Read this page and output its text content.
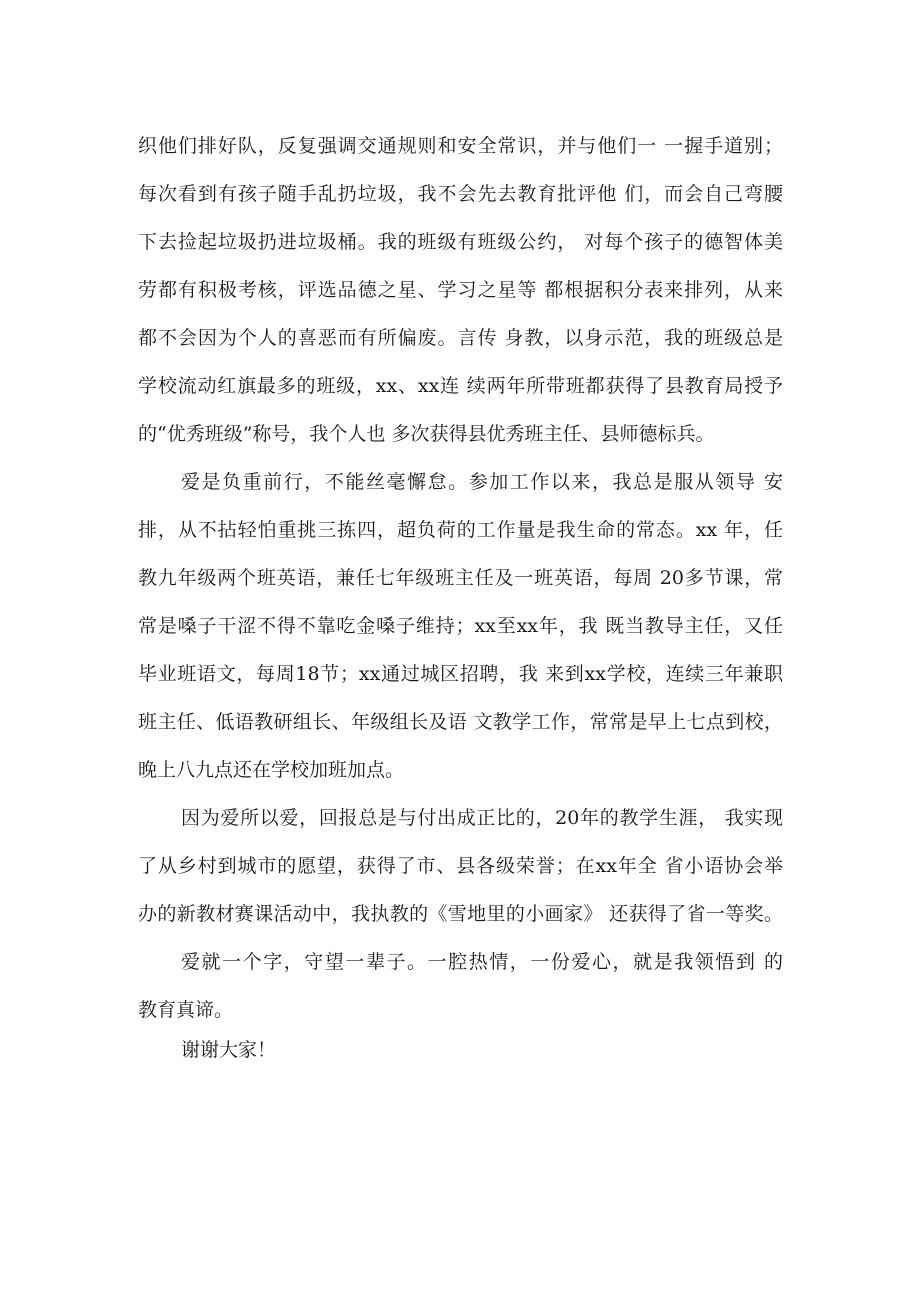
织他们排好队，反复强调交通规则和安全常识，并与他们一 一握手道别；
每次看到有孩子随手乱扔垃圾，我不会先去教育批评他 们，而会自己弯腰
下去捡起垃圾扔进垃圾桶。我的班级有班级公约， 对每个孩子的德智体美
劳都有积极考核，评选品德之星、学习之星等 都根据积分表来排列，从来
都不会因为个人的喜恶而有所偏废。言传 身教，以身示范，我的班级总是
学校流动红旗最多的班级，xx、xx连 续两年所带班都获得了县教育局授予
的“优秀班级”称号，我个人也 多次获得县优秀班主任、县师德标兵。
爱是负重前行，不能丝毫懈怠。参加工作以来，我总是服从领导 安
排，从不拈轻怕重挑三拣四，超负荷的工作量是我生命的常态。xx 年，任
教九年级两个班英语，兼任七年级班主任及一班英语，每周 20多节课，常
常是嗓子干涩不得不靠吃金嗓子维持；xx至xx年，我 既当教导主任，又任
毕业班语文，每周18节；xx通过城区招聘，我 来到xx学校，连续三年兼职
班主任、低语教研组长、年级组长及语 文教学工作，常常是早上七点到校，
晚上八九点还在学校加班加点。
因为爱所以爱，回报总是与付出成正比的，20年的教学生涯， 我实现
了从乡村到城市的愿望，获得了市、县各级荣誉；在xx年全 省小语协会举
办的新教材赛课活动中，我执教的《雪地里的小画家》 还获得了省一等奖。
爱就一个字，守望一辈子。一腔热情，一份爱心，就是我领悟到 的
教育真谛。
谢谢大家！
